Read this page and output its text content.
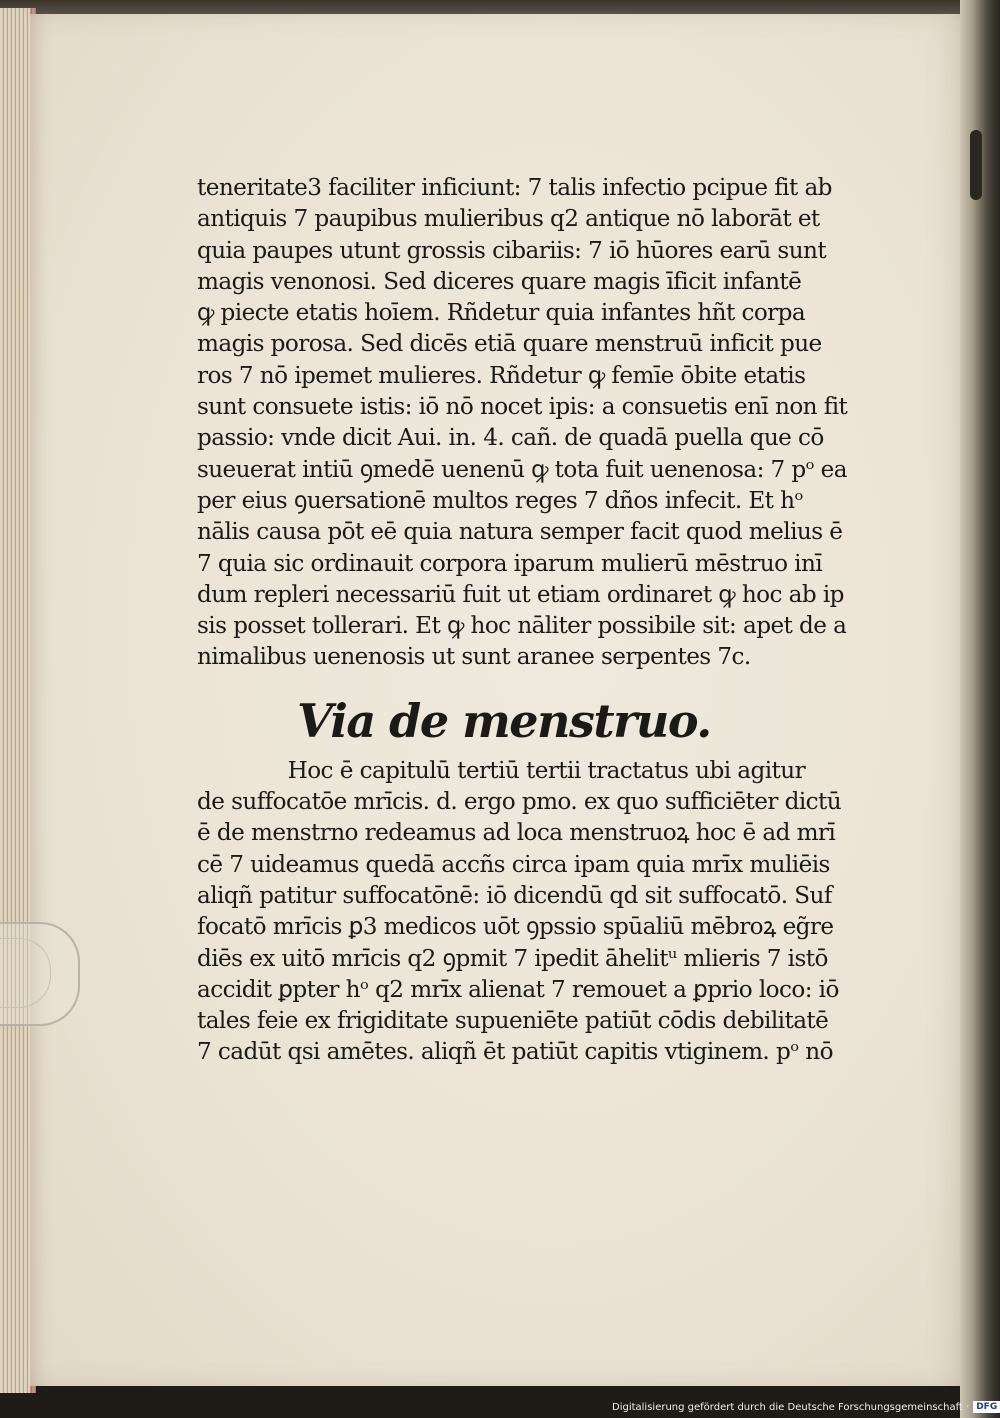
teneritate3 faciliter inficiunt: 7 talis infectio pcipue fit ab
antiquis 7 paupibus mulieribus q2 antique nō laborāt et
quia paupes utunt grossis cibariis: 7 iō hūores earū sunt
magis venonosi. Sed diceres quare magis īficit infantē
ꝙ piecte etatis hoīem. Rñdetur quia infantes hñt corpa
magis porosa. Sed dicēs etiā quare menstruū inficit pue
ros 7 nō ipemet mulieres. Rñdetur ꝙ femīe ōbite etatis
sunt consuete istis: iō nō nocet ipis: a consuetis enī non fit
passio: vnde dicit Aui. in. 4. cañ. de quadā puella que cō
sueuerat intiū ꝯmedē uenenū ꝙ tota fuit uenenosa: 7 pᵒ ea
per eius ꝯuersationē multos reges 7 dños infecit. Et hᵒ
nālis causa pōt eē quia natura semper facit quod melius ē
7 quia sic ordinauit corpora iparum mulierū mēstruo inī
dum repleri necessariū fuit ut etiam ordinaret ꝙ hoc ab ip
sis posset tollerari. Et ꝙ hoc nāliter possibile sit: apet de a
nimalibus uenenosis ut sunt aranee serpentes 7c.
Via de menstruo.
Hoc ē capitulū tertiū tertii tractatus ubi agitur
de suffocatōe mrīcis. d. ergo pmo. ex quo sufficiēter dictū
ē de menstrno redeamus ad loca menstruoꝝ hoc ē ad mrī
cē 7 uideamus quedā accñs circa ipam quia mrīx muliēis
aliqñ patitur suffocatōnē: iō dicendū qd sit suffocatō. Suf
focatō mrīcis ꝑ3 medicos uōt ꝯpssio spūaliū mēbroꝝ eg̃re
diēs ex uitō mrīcis q2 ꝯpmit 7 ipedit āhelitᵘ mlieris 7 istō
accidit ꝑpter hᵒ q2 mrīx alienat 7 remouet a ꝑprio loco: iō
tales feie ex frigiditate supueniēte patiūt cōdis debilitatē
7 cadūt qsi amētes. aliqñ ēt patiūt capitis vtiginem. pᵒ nō
Digitalisierung gefördert durch die Deutsche Forschungsgemeinschaft · DFG
